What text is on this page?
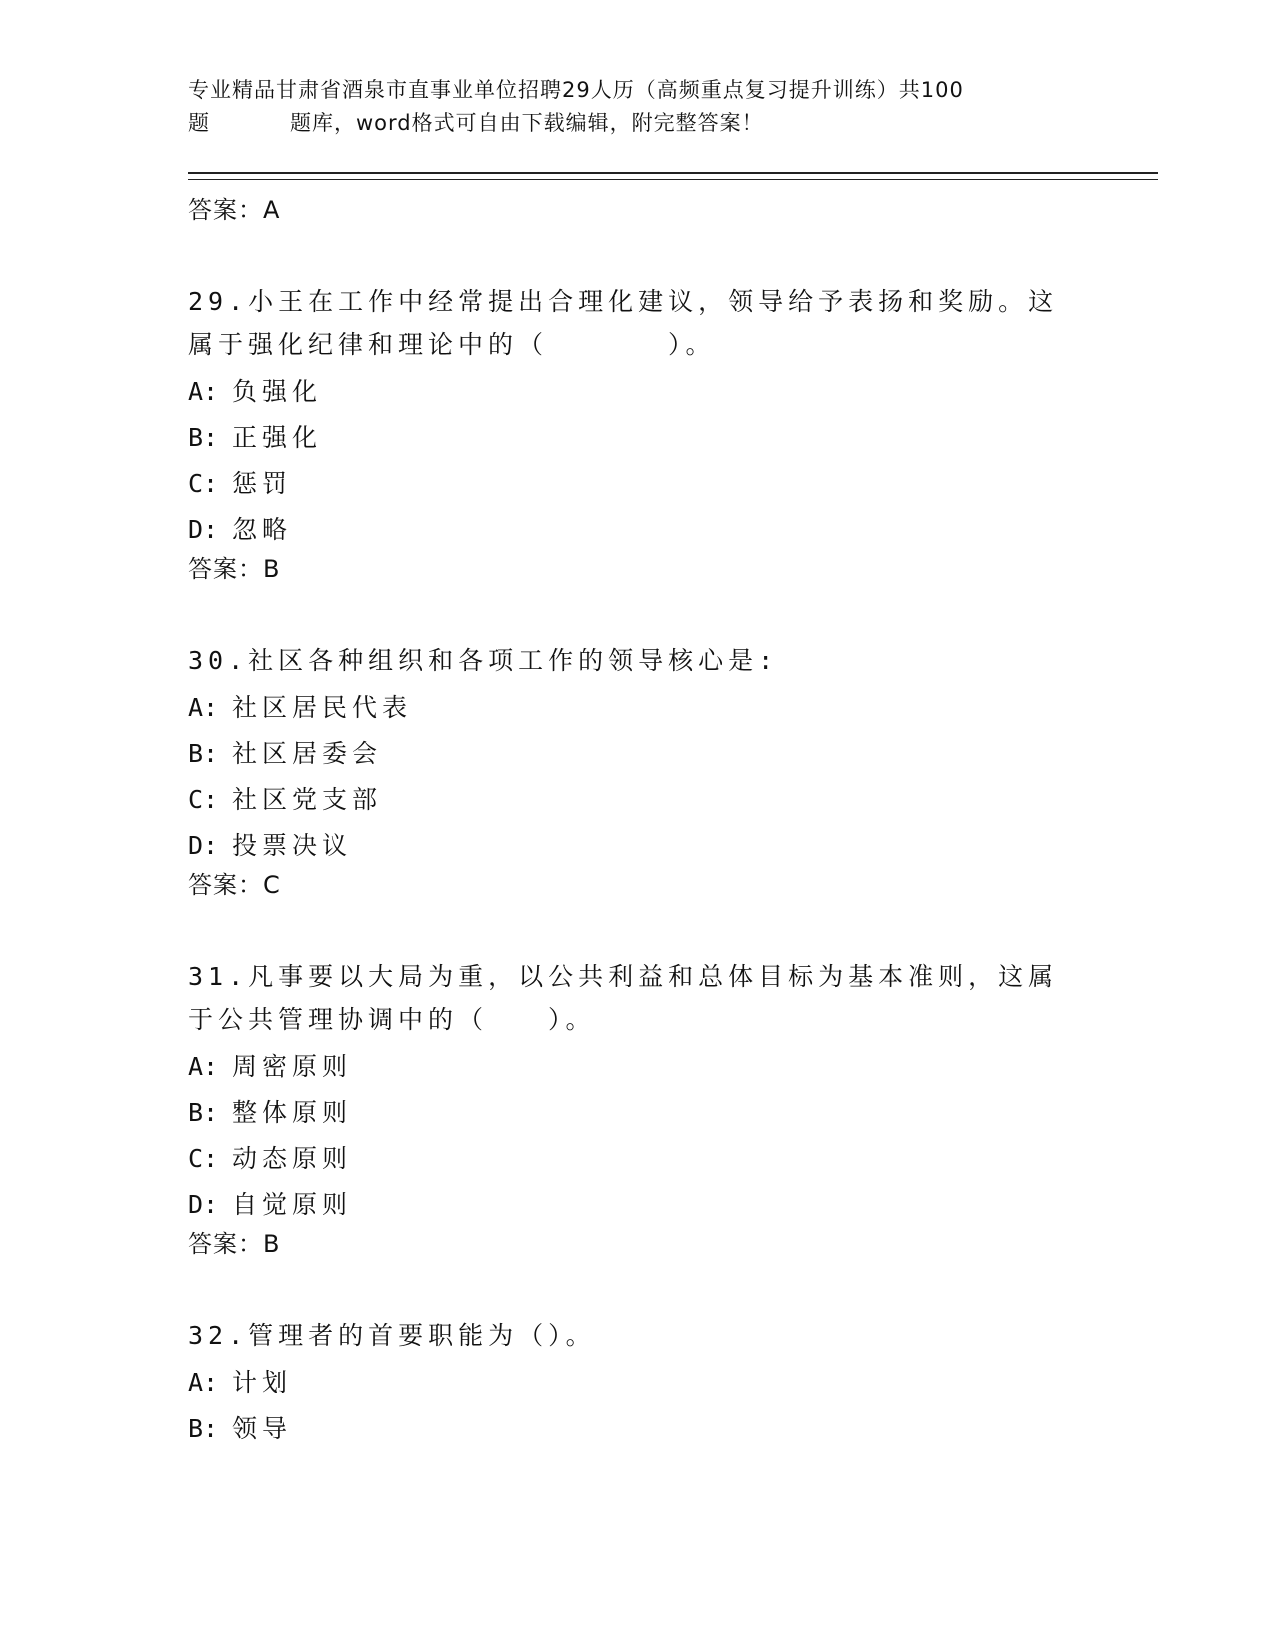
专业精品甘肃省酒泉市直事业单位招聘29人历（高频重点复习提升训练）共100
题	题库，word格式可自由下载编辑，附完整答案！
答案：A
29.小王在工作中经常提出合理化建议，领导给予表扬和奖励。这属于强化纪律和理论中的（　　　　）。
A: 负强化
B: 正强化
C: 惩罚
D: 忽略
答案：B
30.社区各种组织和各项工作的领导核心是:
A: 社区居民代表
B: 社区居委会
C: 社区党支部
D: 投票决议
答案：C
31.凡事要以大局为重，以公共利益和总体目标为基本准则，这属于公共管理协调中的（　　）。
A: 周密原则
B: 整体原则
C: 动态原则
D: 自觉原则
答案：B
32.管理者的首要职能为（）。
A: 计划
B: 领导
